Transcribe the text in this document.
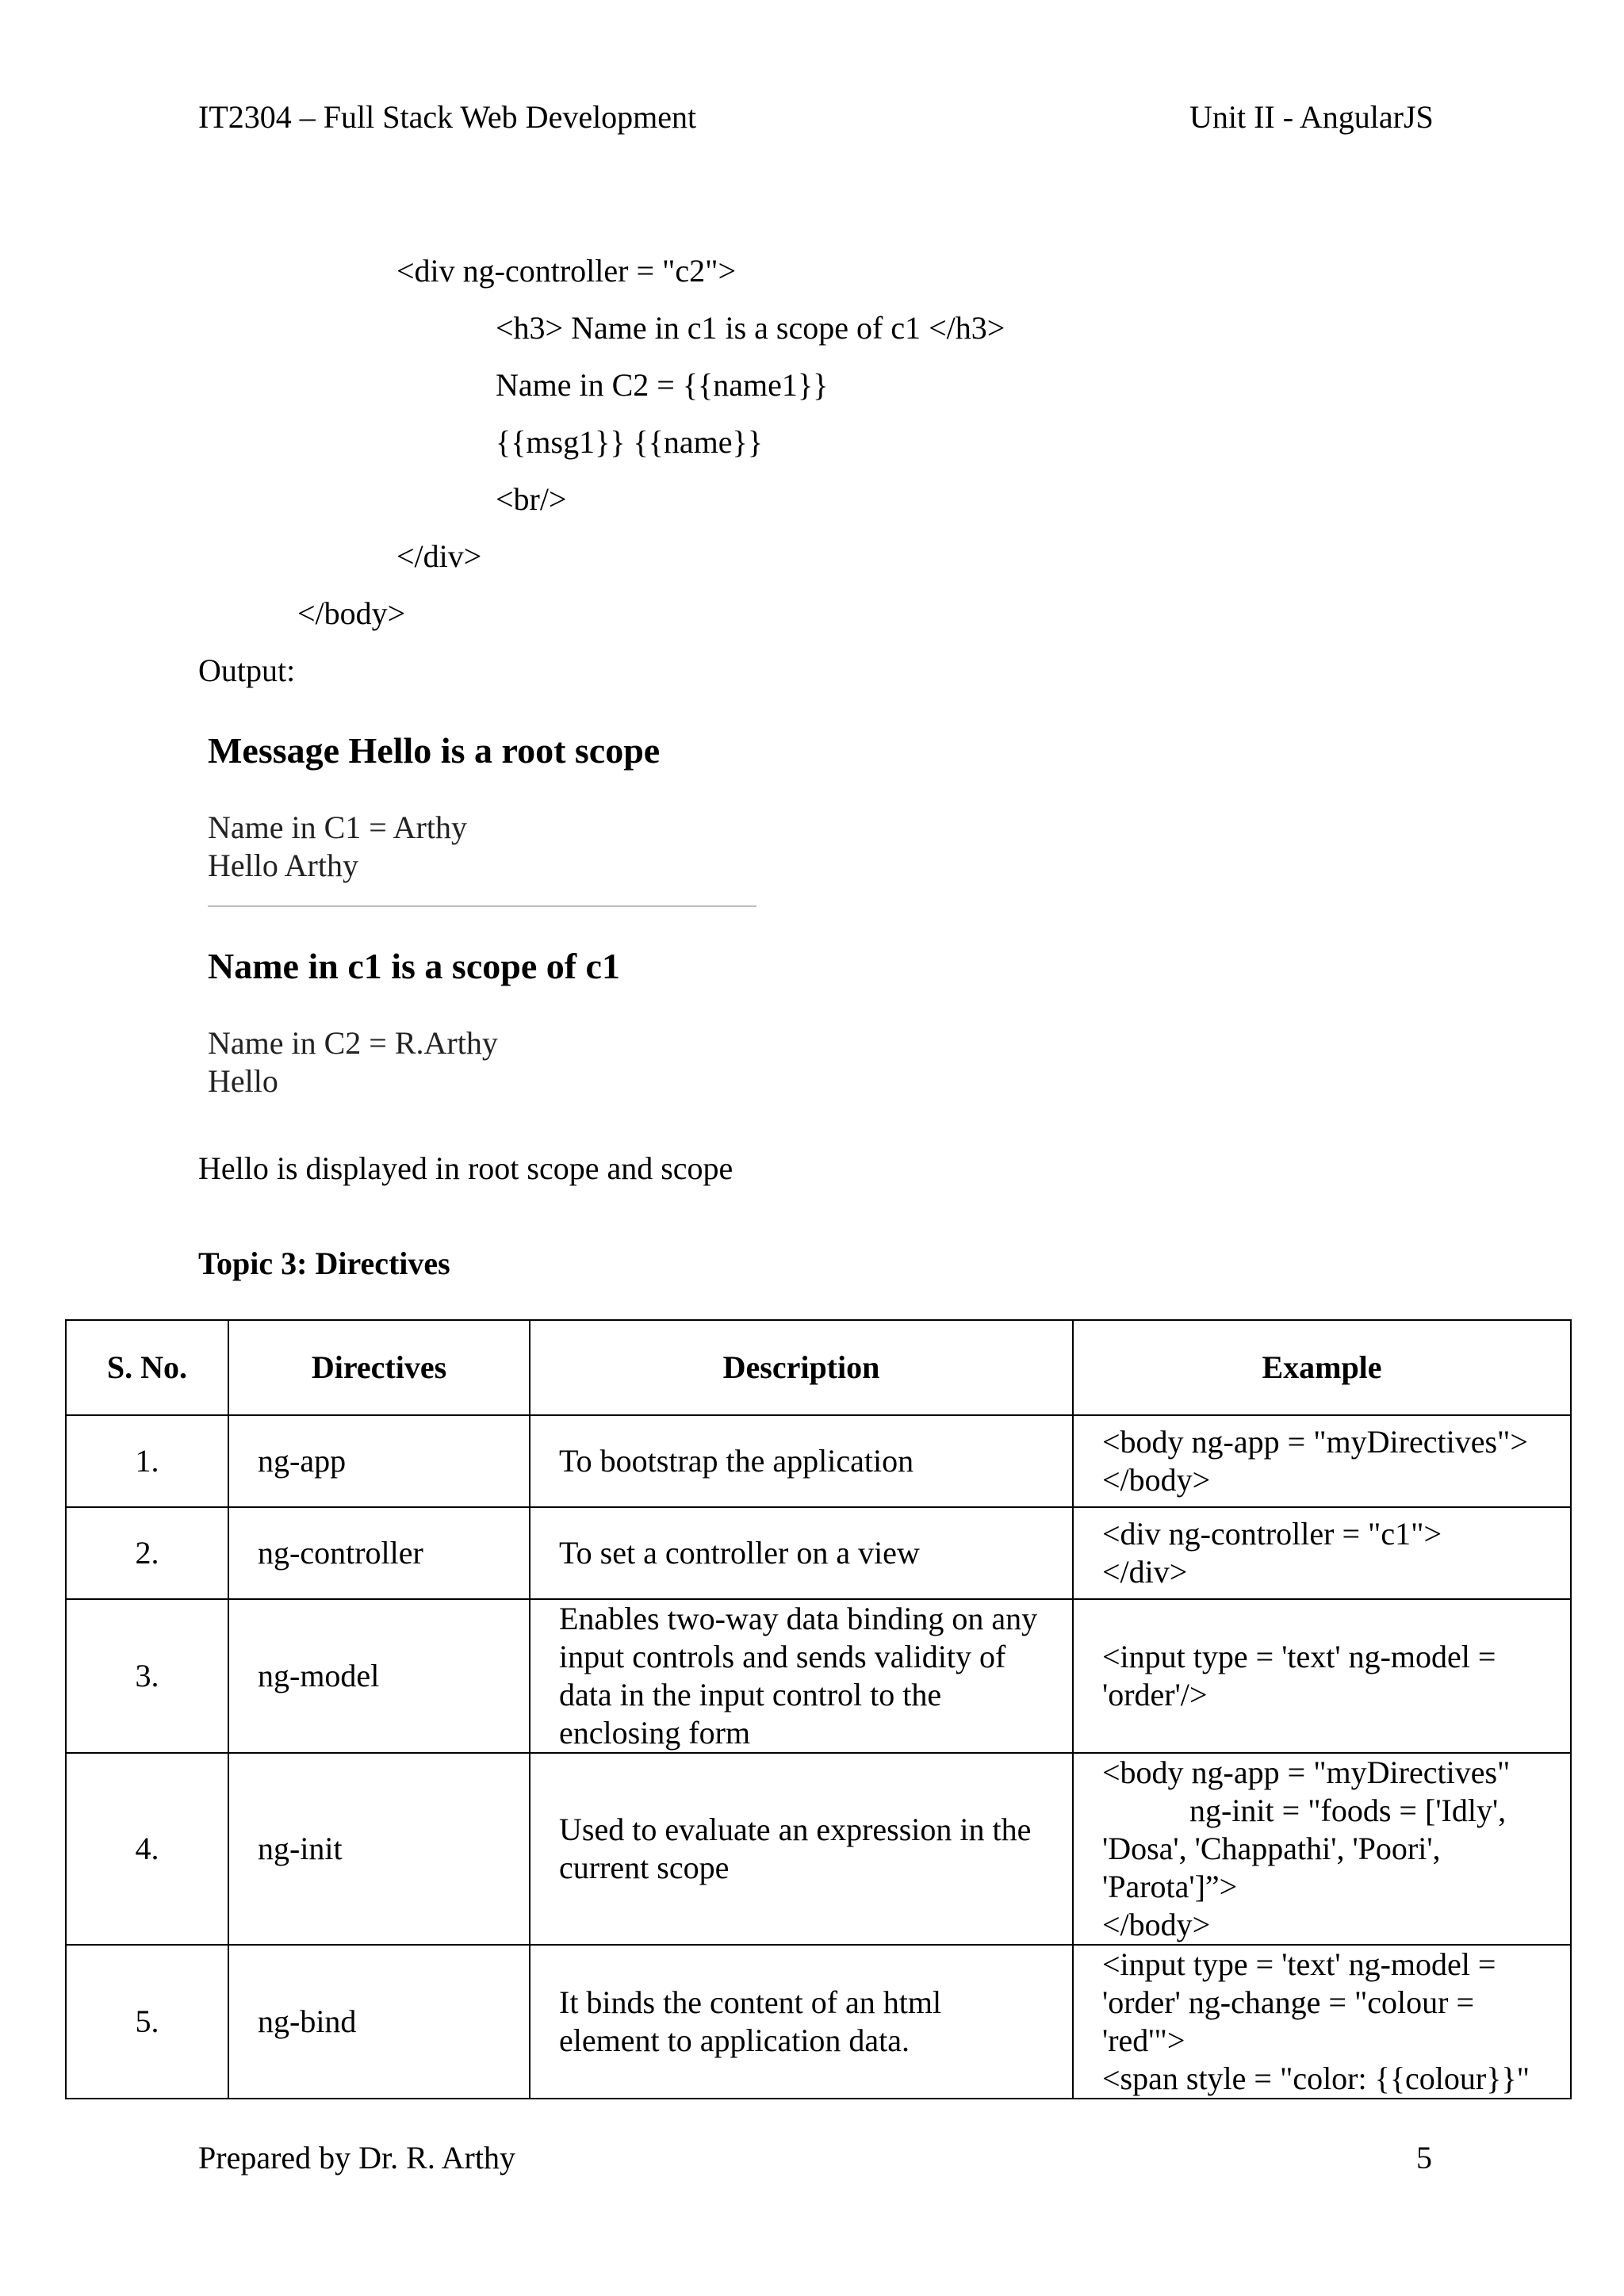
IT2304 – Full Stack Web Development	Unit II - AngularJS
<div ng-controller = "c2">
<h3> Name in c1 is a scope of c1 </h3>
Name in C2 = {{name1}}
{{msg1}} {{name}}
<br/>
</div>
</body>
Output:
Message Hello is a root scope
Name in C1 = Arthy
Hello Arthy
Name in c1 is a scope of c1
Name in C2 = R.Arthy
Hello
Hello is displayed in root scope and scope
Topic 3: Directives
S. No.	Directives	Description	Example
1.	ng-app	To bootstrap the application	<body ng-app = "myDirectives">
</body>

2.	ng-controller	To set a controller on a view	<div ng-controller = "c1">
</div>

3.	ng-model	Enables two-way data binding on any input controls and sends validity of data in the input control to the enclosing form	<input type = 'text' ng-model =
'order'/>

4.	ng-init	Used to evaluate an expression in the current scope	<body ng-app = "myDirectives"
ng-init = "foods = ['Idly',
'Dosa', 'Chappathi', 'Poori',
'Parota']”>
</body>

5.	ng-bind	It binds the content of an html element to application data.	<input type = 'text' ng-model =
'order' ng-change = "colour =
'red'">
<span style = "color: {{colour}}"
Prepared by Dr. R. Arthy	5
